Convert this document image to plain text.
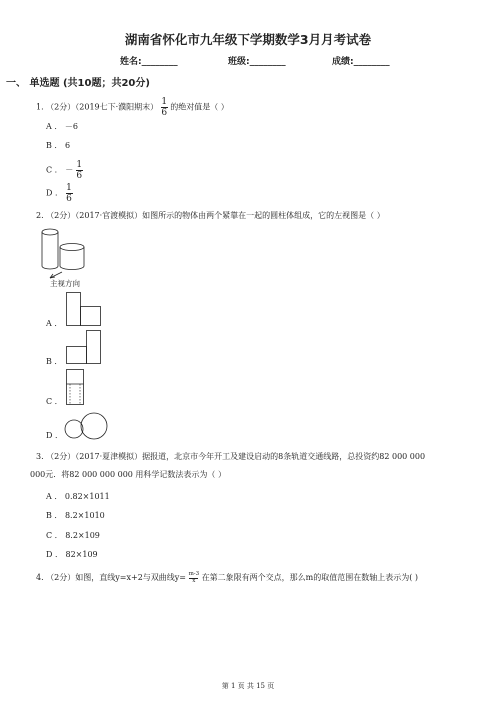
湖南省怀化市九年级下学期数学3月月考试卷
姓名:________	班级:________	成绩:________
一、 单选题 (共10题；共20分)
1. （2分）（2019七下·濮阳期末） $\frac{1}{6}$ 的绝对值是（ ）
A ． －6
B ． 6
C ． － $\frac{1}{6}$
D ． $\frac{1}{6}$
2. （2分）（2017·官渡模拟）如图所示的物体由两个紧靠在一起的圆柱体组成，它的左视图是（ ）
主视方向
A ．
B ．
C ．
D ．
3. （2分）（2017·夏津模拟）据报道，北京市今年开工及建设启动的8条轨道交通线路，总投资约82 000 000
000元．将82 000 000 000 用科学记数法表示为（ ）
A ． 0.82×1011
B ． 8.2×1010
C ． 8.2×109
D ． 82×109
4. （2分）如图，直线y=x+2与双曲线$y= \frac{m-3}{x}$ 在第二象限有两个交点，那么m的取值范围在数轴上表示为( )
第 1 页 共 15 页
